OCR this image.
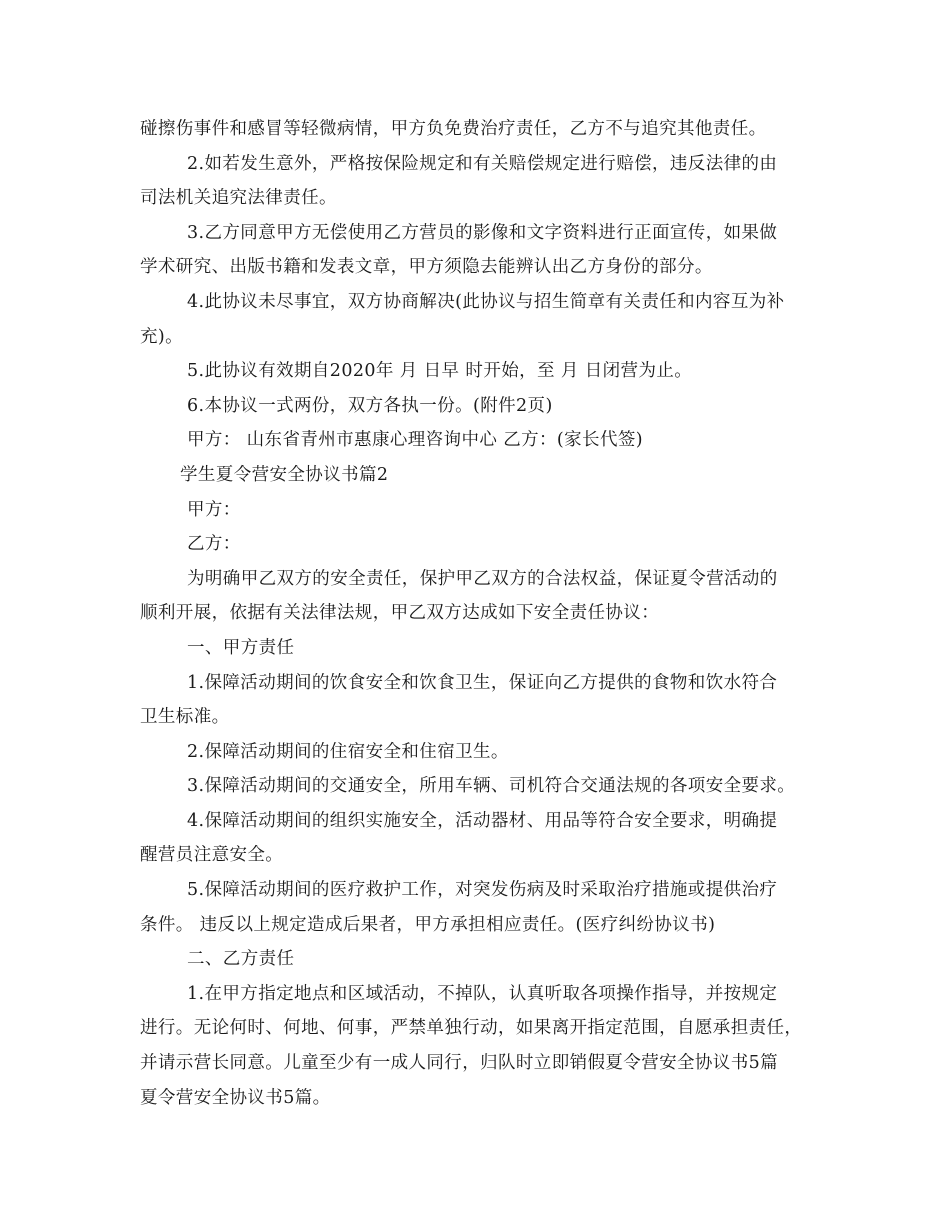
碰擦伤事件和感冒等轻微病情，甲方负免费治疗责任，乙方不与追究其他责任。

2.如若发生意外，严格按保险规定和有关赔偿规定进行赔偿，违反法律的由

司法机关追究法律责任。

3.乙方同意甲方无偿使用乙方营员的影像和文字资料进行正面宣传，如果做

学术研究、出版书籍和发表文章，甲方须隐去能辨认出乙方身份的部分。

4.此协议未尽事宜，双方协商解决(此协议与招生简章有关责任和内容互为补

充)。

5.此协议有效期自2020年 月 日早 时开始，至 月 日闭营为止。

6.本协议一式两份，双方各执一份。(附件2页)

甲方： 山东省青州市惠康心理咨询中心 乙方：(家长代签)

学生夏令营安全协议书篇2

甲方：

乙方：

为明确甲乙双方的安全责任，保护甲乙双方的合法权益，保证夏令营活动的

顺利开展，依据有关法律法规，甲乙双方达成如下安全责任协议：

一、甲方责任

1.保障活动期间的饮食安全和饮食卫生，保证向乙方提供的食物和饮水符合

卫生标准。

2.保障活动期间的住宿安全和住宿卫生。

3.保障活动期间的交通安全，所用车辆、司机符合交通法规的各项安全要求。

4.保障活动期间的组织实施安全，活动器材、用品等符合安全要求，明确提

醒营员注意安全。

5.保障活动期间的医疗救护工作，对突发伤病及时采取治疗措施或提供治疗

条件。 违反以上规定造成后果者，甲方承担相应责任。(医疗纠纷协议书)

二、乙方责任

1.在甲方指定地点和区域活动，不掉队，认真听取各项操作指导，并按规定

进行。无论何时、何地、何事，严禁单独行动，如果离开指定范围，自愿承担责任，

并请示营长同意。儿童至少有一成人同行，归队时立即销假夏令营安全协议书5篇

夏令营安全协议书5篇。
